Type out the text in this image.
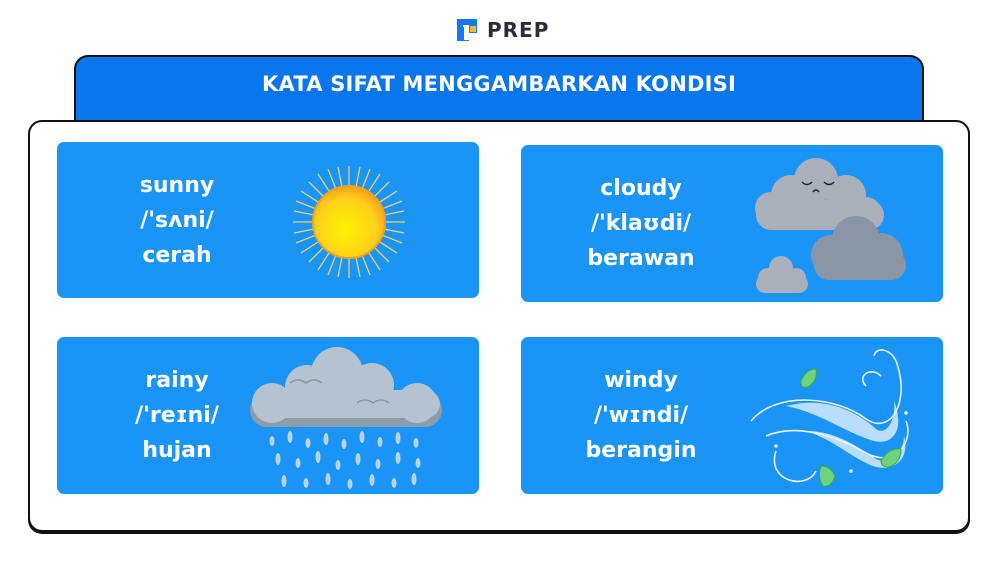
PREP
KATA SIFAT MENGGAMBARKAN KONDISI
sunny
/'sʌni/
cerah
cloudy
/'klaʊdi/
berawan
rainy
/'reɪni/
hujan
windy
/'wɪndi/
berangin
